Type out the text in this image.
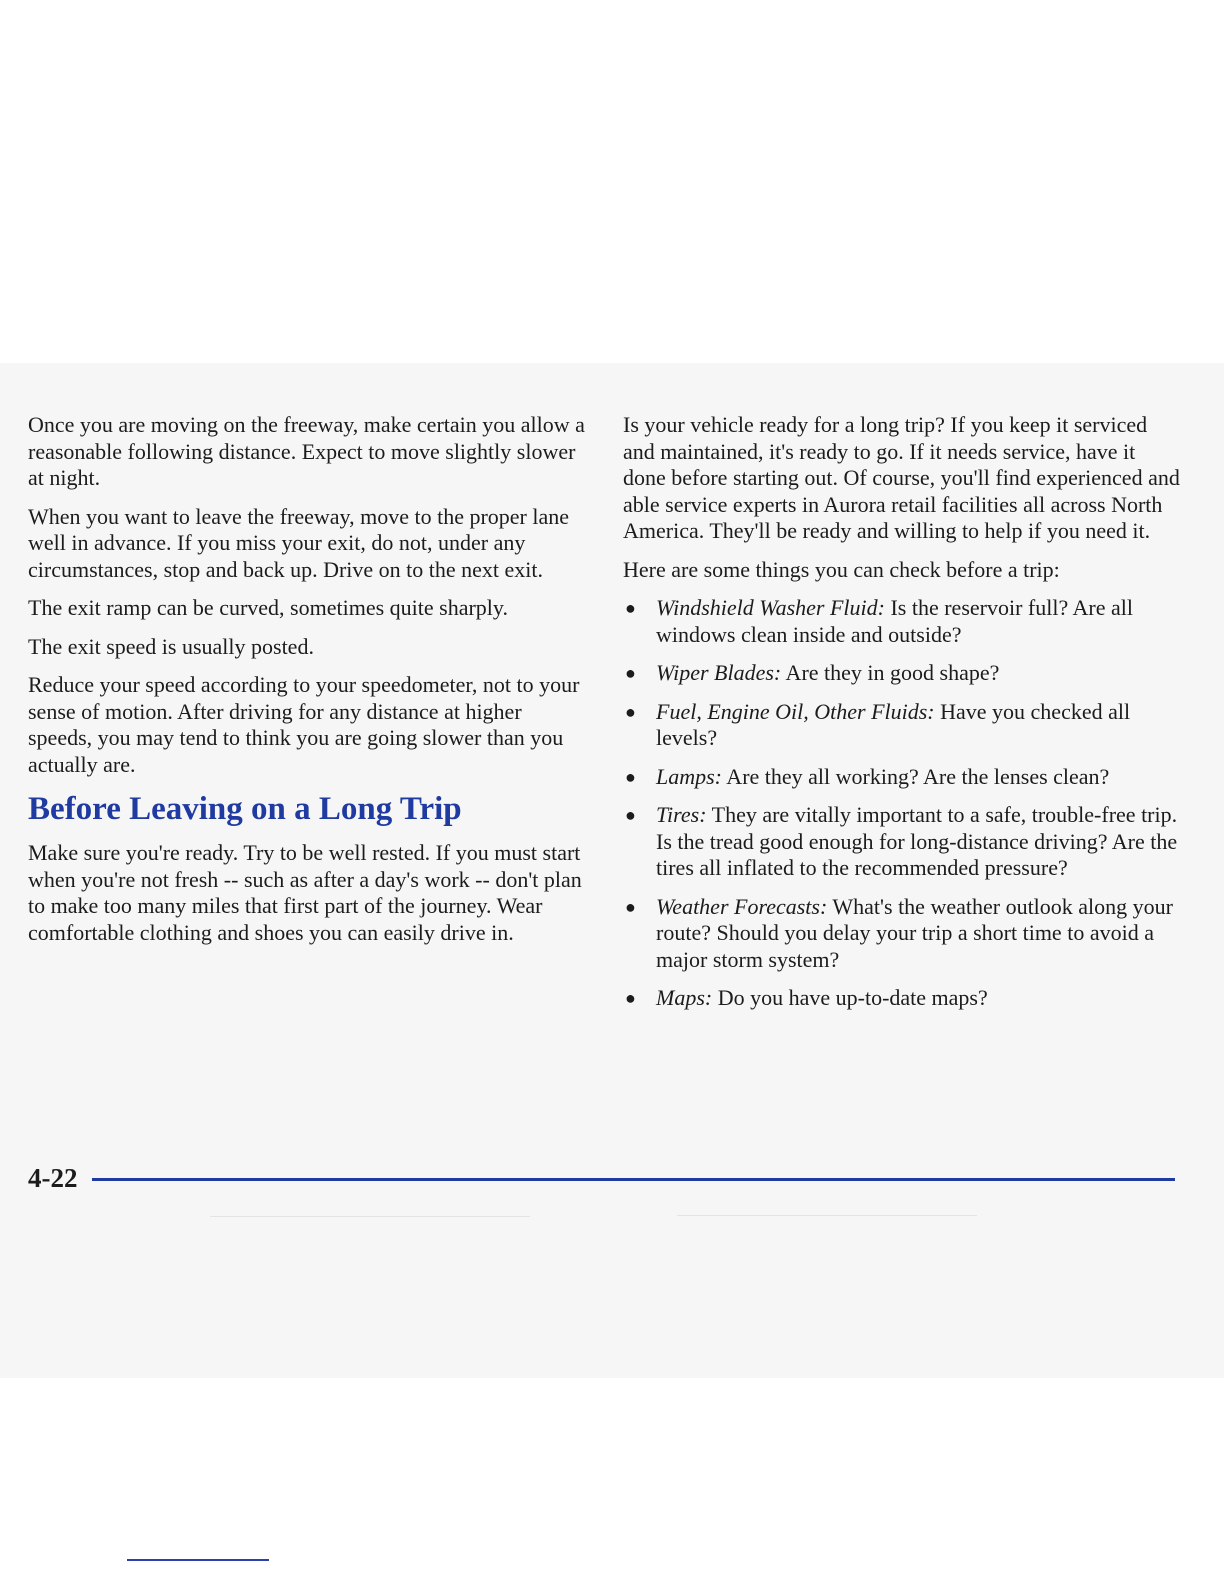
Once you are moving on the freeway, make certain you allow a reasonable following distance. Expect to move slightly slower at night.

When you want to leave the freeway, move to the proper lane well in advance. If you miss your exit, do not, under any circumstances, stop and back up. Drive on to the next exit.

The exit ramp can be curved, sometimes quite sharply.

The exit speed is usually posted.

Reduce your speed according to your speedometer, not to your sense of motion. After driving for any distance at higher speeds, you may tend to think you are going slower than you actually are.

Before Leaving on a Long Trip

Make sure you're ready. Try to be well rested. If you must start when you're not fresh -- such as after a day's work -- don't plan to make too many miles that first part of the journey. Wear comfortable clothing and shoes you can easily drive in.

Is your vehicle ready for a long trip? If you keep it serviced and maintained, it's ready to go. If it needs service, have it done before starting out. Of course, you'll find experienced and able service experts in Aurora retail facilities all across North America. They'll be ready and willing to help if you need it.

Here are some things you can check before a trip:

● Windshield Washer Fluid: Is the reservoir full? Are all windows clean inside and outside?
● Wiper Blades: Are they in good shape?
● Fuel, Engine Oil, Other Fluids: Have you checked all levels?
● Lamps: Are they all working? Are the lenses clean?
● Tires: They are vitally important to a safe, trouble-free trip. Is the tread good enough for long-distance driving? Are the tires all inflated to the recommended pressure?
● Weather Forecasts: What's the weather outlook along your route? Should you delay your trip a short time to avoid a major storm system?
● Maps: Do you have up-to-date maps?
4-22
